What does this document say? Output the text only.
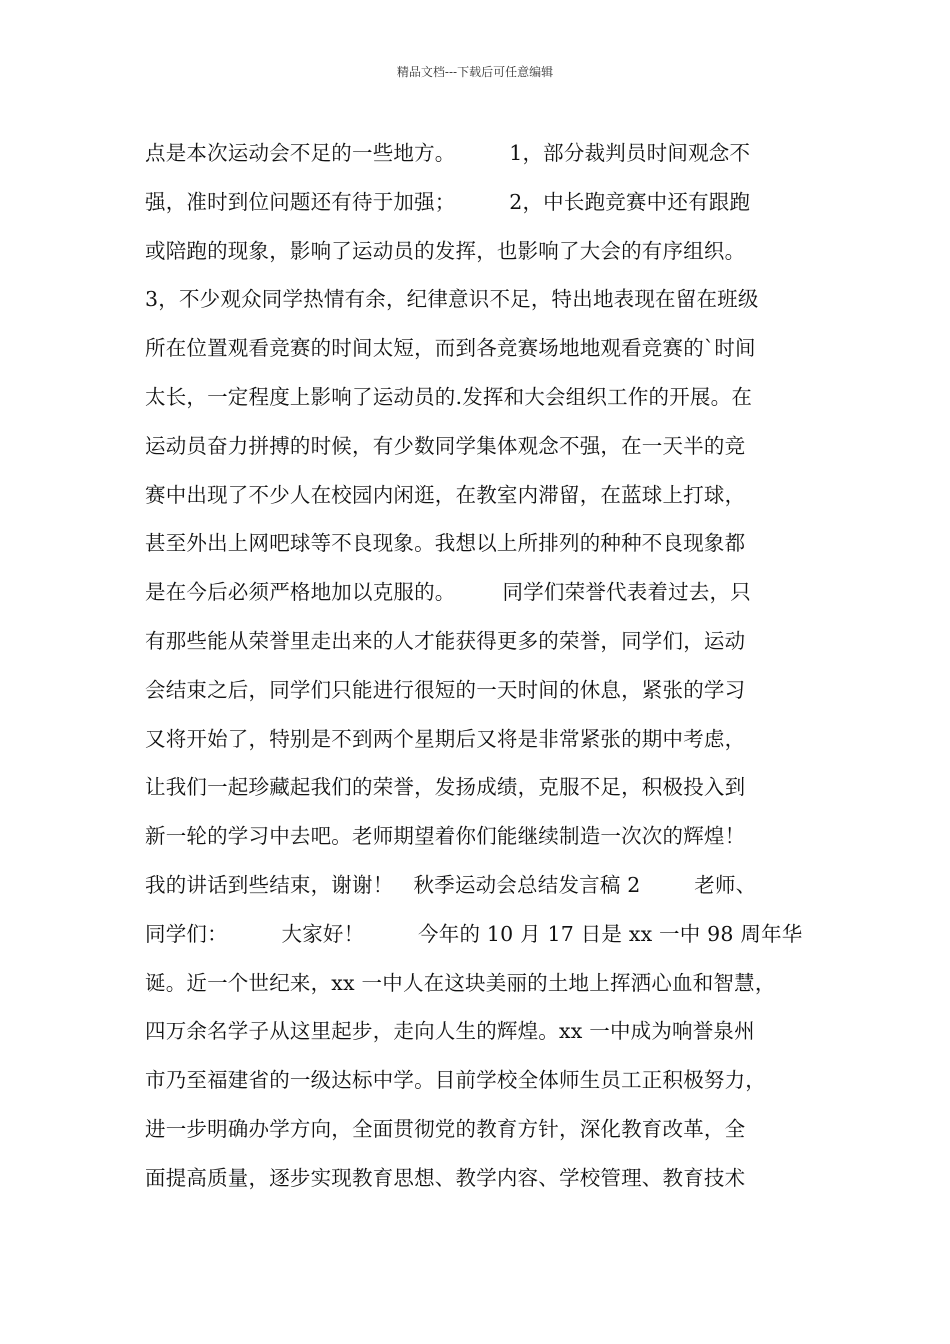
精品文档---下载后可任意编辑
点是本次运动会不足的一些地方。        1，部分裁判员时间观念不
强，准时到位问题还有待于加强；        2，中长跑竞赛中还有跟跑
或陪跑的现象，影响了运动员的发挥，也影响了大会的有序组织。
3，不少观众同学热情有余，纪律意识不足，特出地表现在留在班级
所在位置观看竞赛的时间太短，而到各竞赛场地地观看竞赛的`时间
太长，一定程度上影响了运动员的.发挥和大会组织工作的开展。在
运动员奋力拼搏的时候，有少数同学集体观念不强，在一天半的竞
赛中出现了不少人在校园内闲逛，在教室内滞留，在蓝球上打球，
甚至外出上网吧球等不良现象。我想以上所排列的种种不良现象都
是在今后必须严格地加以克服的。       同学们荣誉代表着过去，只
有那些能从荣誉里走出来的人才能获得更多的荣誉，同学们，运动
会结束之后，同学们只能进行很短的一天时间的休息，紧张的学习
又将开始了，特别是不到两个星期后又将是非常紧张的期中考虑，
让我们一起珍藏起我们的荣誉，发扬成绩，克服不足，积极投入到
新一轮的学习中去吧。老师期望着你们能继续制造一次次的辉煌！
我的讲话到些结束，谢谢！   秋季运动会总结发言稿 2        老师、
同学们：        大家好！        今年的 10 月 17 日是 xx 一中 98 周年华
诞。近一个世纪来，xx 一中人在这块美丽的土地上挥洒心血和智慧，
四万余名学子从这里起步，走向人生的辉煌。xx 一中成为响誉泉州
市乃至福建省的一级达标中学。目前学校全体师生员工正积极努力，
进一步明确办学方向，全面贯彻党的教育方针，深化教育改革，全
面提高质量，逐步实现教育思想、教学内容、学校管理、教育技术
